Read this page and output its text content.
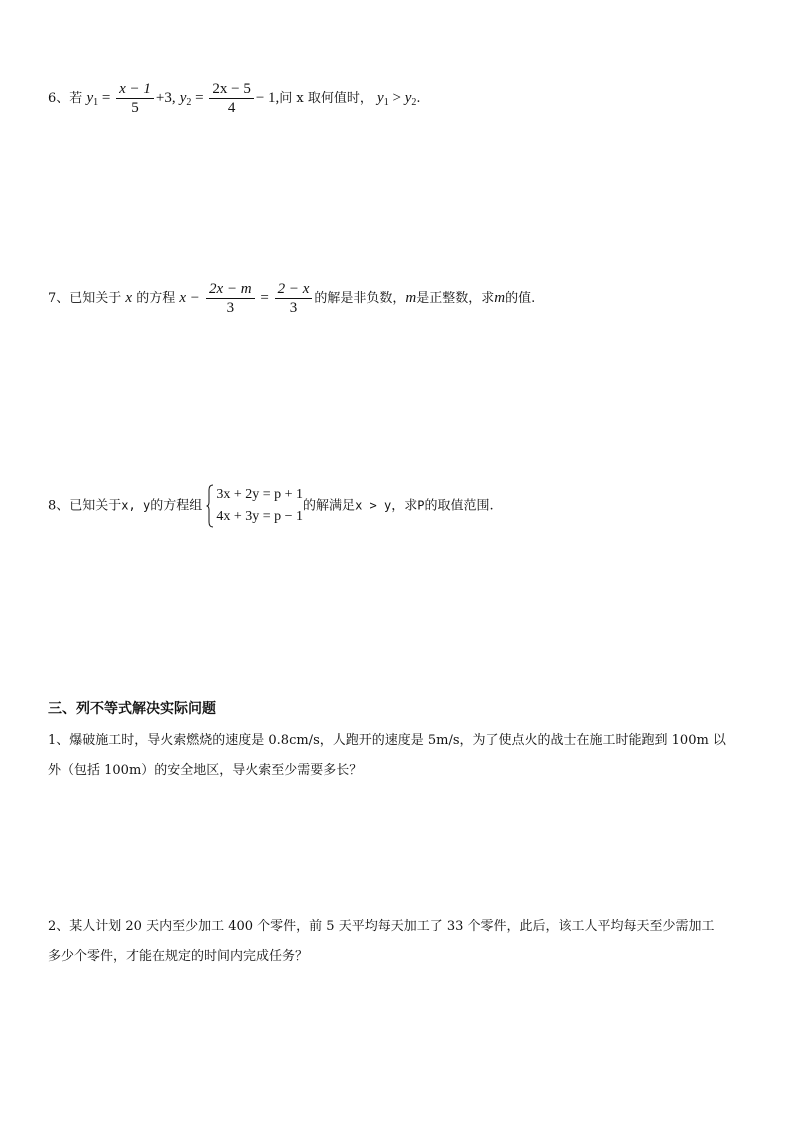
6、若 $y_1 = \frac{x - 1}{5} +3$, $y_2 = \frac{2x - 5}{4} - 1$,问 x 取何值时， $y_1 > y_2$.
7、已知关于 x 的方程 $x - \frac{2x - m}{3} = \frac{2 - x}{3}$ 的解是非负数，m是正整数，求m的值.
8、已知关于x, y的方程组
3x + 2y = p + 1
4x + 3y = p − 1
的解满足x > y，求P的取值范围.
三、列不等式解决实际问题
1、爆破施工时，导火索燃烧的速度是 0.8cm/s，人跑开的速度是 5m/s，为了使点火的战士在施工时能跑到 100m 以
外（包括 100m）的安全地区，导火索至少需要多长？
2、某人计划 20 天内至少加工 400 个零件，前 5 天平均每天加工了 33 个零件，此后，该工人平均每天至少需加工
多少个零件，才能在规定的时间内完成任务？
